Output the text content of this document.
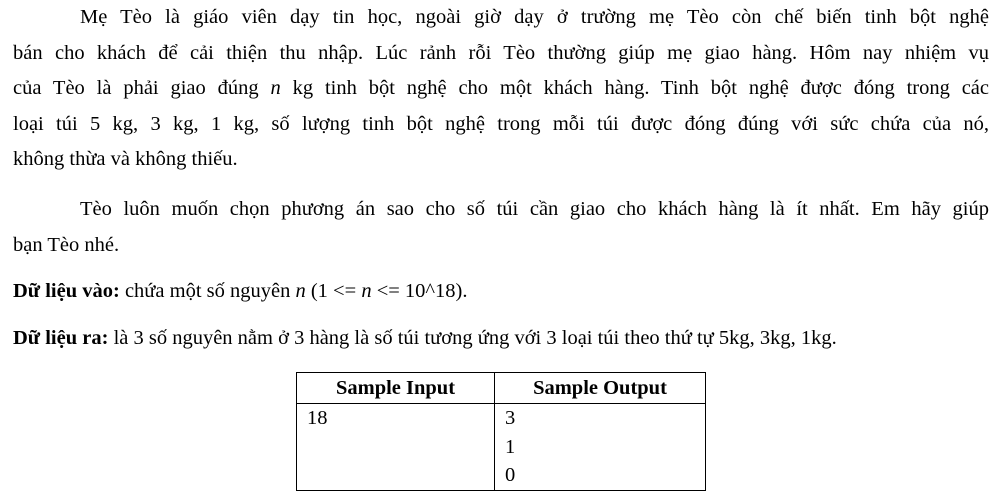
Mẹ Tèo là giáo viên dạy tin học, ngoài giờ dạy ở trường mẹ Tèo còn chế biến tinh bột nghệ
bán cho khách để cải thiện thu nhập. Lúc rảnh rỗi Tèo thường giúp mẹ giao hàng. Hôm nay nhiệm vụ
của Tèo là phải giao đúng n kg tinh bột nghệ cho một khách hàng. Tinh bột nghệ được đóng trong các
loại túi 5 kg, 3 kg, 1 kg, số lượng tinh bột nghệ trong mỗi túi được đóng đúng với sức chứa của nó,
không thừa và không thiếu.

Tèo luôn muốn chọn phương án sao cho số túi cần giao cho khách hàng là ít nhất. Em hãy giúp
bạn Tèo nhé.

Dữ liệu vào: chứa một số nguyên n (1 <= n <= 10^18).

Dữ liệu ra: là 3 số nguyên nằm ở 3 hàng là số túi tương ứng với 3 loại túi theo thứ tự 5kg, 3kg, 1kg.

Sample Input	Sample Output

18	3
1
0
